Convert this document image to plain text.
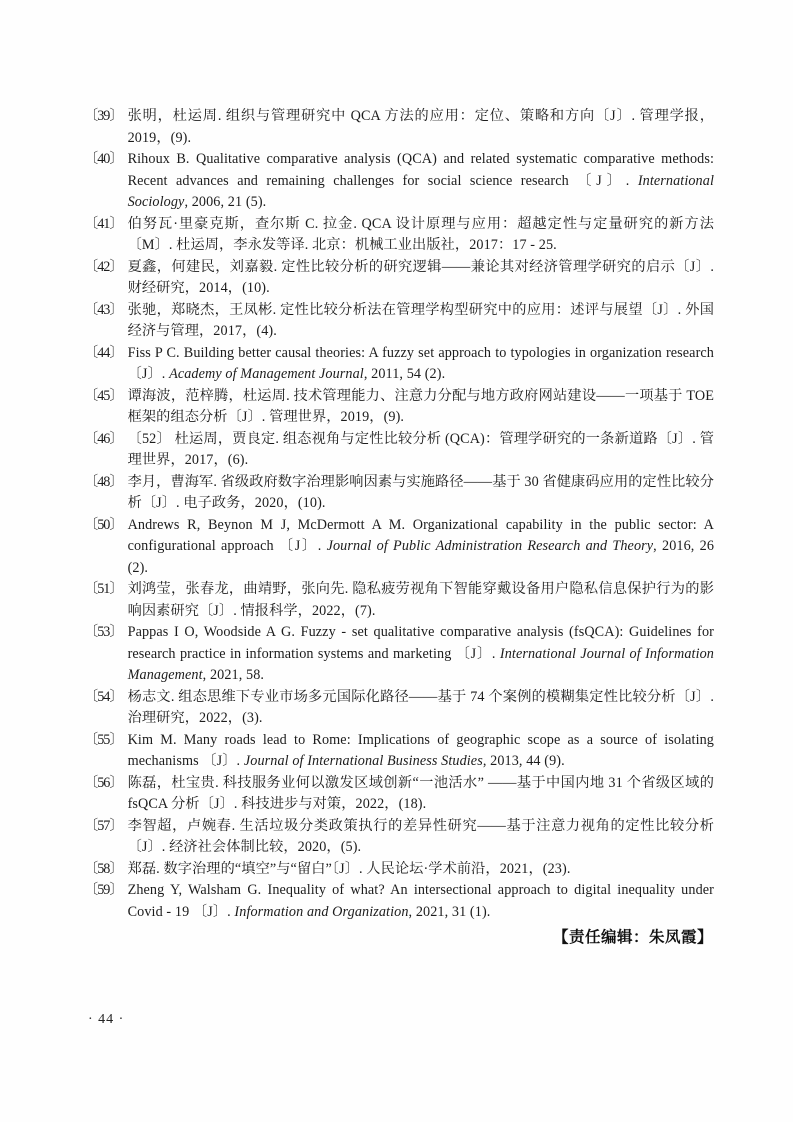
〔39〕 张明，杜运周. 组织与管理研究中 QCA 方法的应用：定位、策略和方向〔J〕. 管理学报，2019，(9).
〔40〕 Rihoux B. Qualitative comparative analysis (QCA) and related systematic comparative methods: Recent advances and remaining challenges for social science research 〔J〕. International Sociology, 2006, 21 (5).
〔41〕 伯努瓦·里豪克斯，查尔斯 C. 拉金. QCA 设计原理与应用：超越定性与定量研究的新方法〔M〕. 杜运周，李永发等译. 北京：机械工业出版社，2017：17 - 25.
〔42〕 夏鑫，何建民，刘嘉毅. 定性比较分析的研究逻辑——兼论其对经济管理学研究的启示〔J〕. 财经研究，2014，(10).
〔43〕 张驰，郑晓杰，王凤彬. 定性比较分析法在管理学构型研究中的应用：述评与展望〔J〕. 外国经济与管理，2017，(4).
〔44〕 Fiss P C. Building better causal theories: A fuzzy set approach to typologies in organization research 〔J〕. Academy of Management Journal, 2011, 54 (2).
〔45〕 谭海波，范梓腾，杜运周. 技术管理能力、注意力分配与地方政府网站建设——一项基于 TOE 框架的组态分析〔J〕. 管理世界，2019，(9).
〔46〕 〔52〕 杜运周，贾良定. 组态视角与定性比较分析 (QCA)：管理学研究的一条新道路〔J〕. 管理世界，2017，(6).
〔48〕 李月，曹海军. 省级政府数字治理影响因素与实施路径——基于 30 省健康码应用的定性比较分析〔J〕. 电子政务，2020，(10).
〔50〕 Andrews R, Beynon M J, McDermott A M. Organizational capability in the public sector: A configurational approach 〔J〕. Journal of Public Administration Research and Theory, 2016, 26 (2).
〔51〕 刘鸿莹，张春龙，曲靖野，张向先. 隐私疲劳视角下智能穿戴设备用户隐私信息保护行为的影响因素研究〔J〕. 情报科学，2022，(7).
〔53〕 Pappas I O, Woodside A G. Fuzzy - set qualitative comparative analysis (fsQCA): Guidelines for research practice in information systems and marketing 〔J〕. International Journal of Information Management, 2021, 58.
〔54〕 杨志文. 组态思维下专业市场多元国际化路径——基于 74 个案例的模糊集定性比较分析〔J〕. 治理研究，2022，(3).
〔55〕 Kim M. Many roads lead to Rome: Implications of geographic scope as a source of isolating mechanisms 〔J〕. Journal of International Business Studies, 2013, 44 (9).
〔56〕 陈磊，杜宝贵. 科技服务业何以激发区域创新“一池活水” ——基于中国内地 31 个省级区域的 fsQCA 分析〔J〕. 科技进步与对策，2022，(18).
〔57〕 李智超，卢婉春. 生活垃圾分类政策执行的差异性研究——基于注意力视角的定性比较分析〔J〕. 经济社会体制比较，2020，(5).
〔58〕 郑磊. 数字治理的“填空”与“留白”〔J〕. 人民论坛·学术前沿，2021，(23).
〔59〕 Zheng Y, Walsham G. Inequality of what? An intersectional approach to digital inequality under Covid - 19 〔J〕. Information and Organization, 2021, 31 (1).
【责任编辑：朱凤霞】
· 44 ·
